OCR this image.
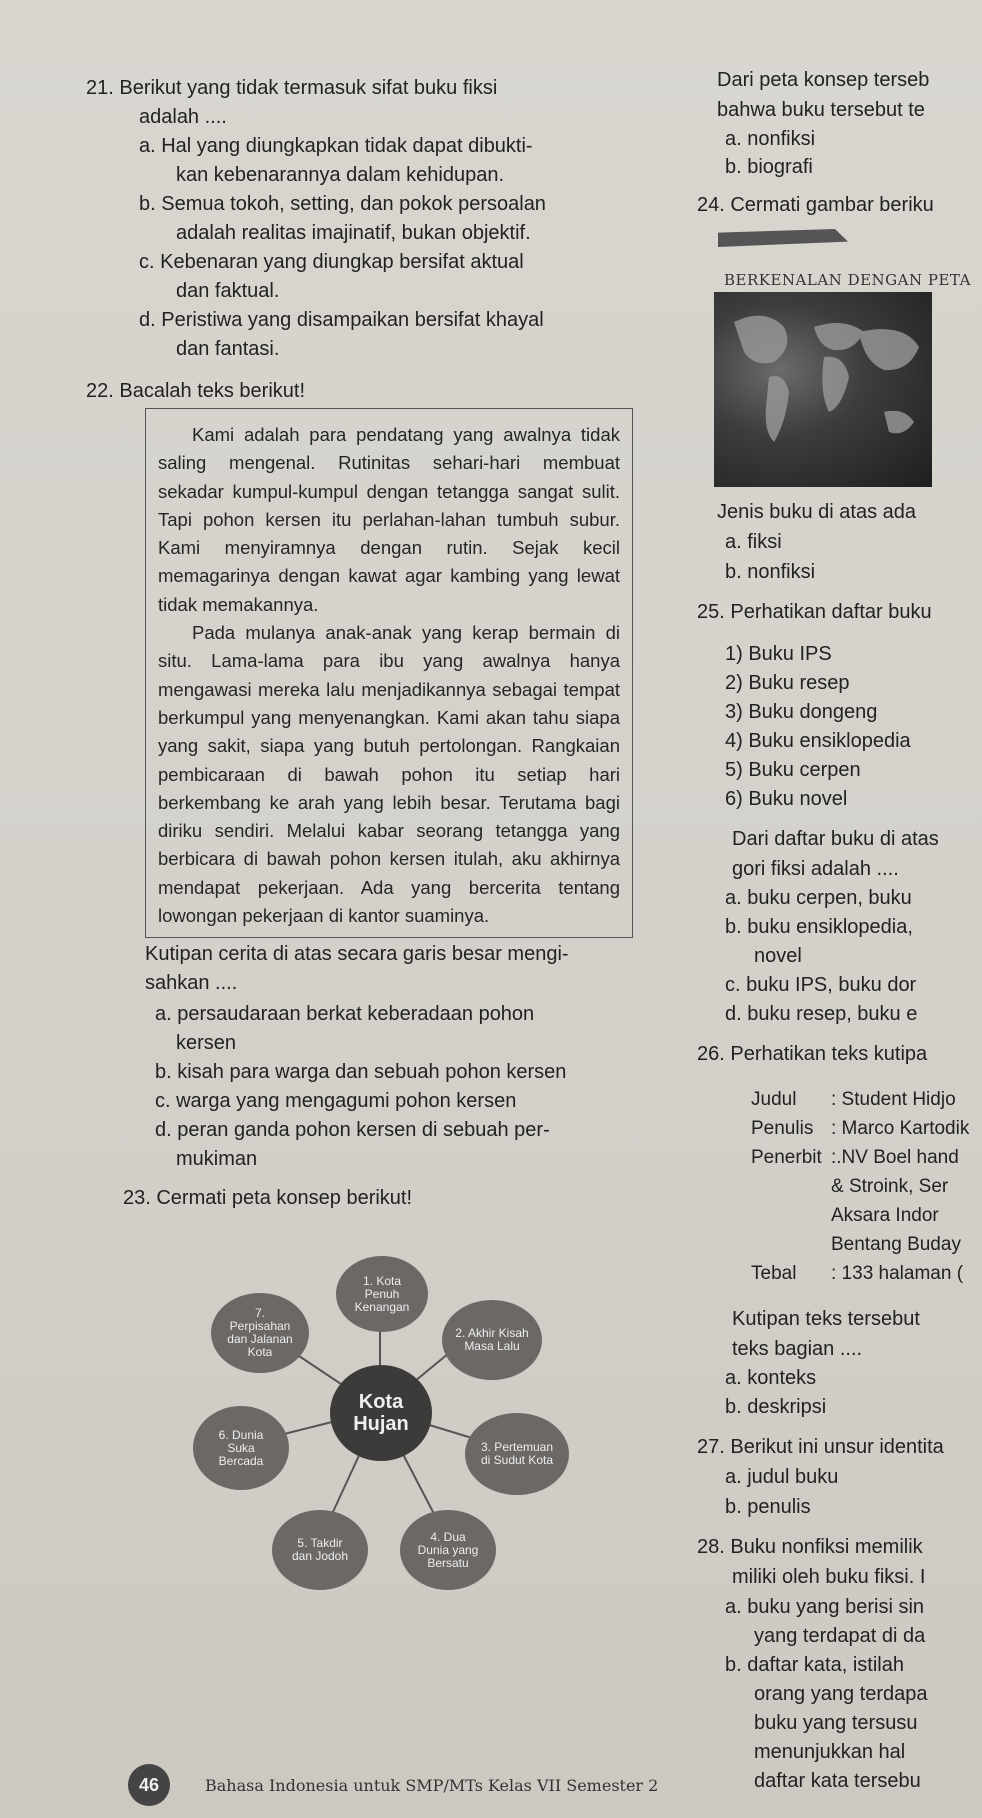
21. Berikut yang tidak termasuk sifat buku fiksi
adalah ....
a. Hal yang diungkapkan tidak dapat dibukti-
kan kebenarannya dalam kehidupan.
b. Semua tokoh, setting, dan pokok persoalan
adalah realitas imajinatif, bukan objektif.
c. Kebenaran yang diungkap bersifat aktual
dan faktual.
d. Peristiwa yang disampaikan bersifat khayal
dan fantasi.
22. Bacalah teks berikut!

Kami adalah para pendatang yang awalnya tidak saling mengenal. Rutinitas sehari-hari membuat sekadar kumpul-kumpul dengan tetangga sangat sulit. Tapi pohon kersen itu perlahan-lahan tumbuh subur. Kami menyiramnya dengan rutin. Sejak kecil memagarinya dengan kawat agar kambing yang lewat tidak memakannya.

Pada mulanya anak-anak yang kerap bermain di situ. Lama-lama para ibu yang awalnya hanya mengawasi mereka lalu menjadikannya sebagai tempat berkumpul yang menyenangkan. Kami akan tahu siapa yang sakit, siapa yang butuh pertolongan. Rangkaian pembicaraan di bawah pohon itu setiap hari berkembang ke arah yang lebih besar. Terutama bagi diriku sendiri. Melalui kabar seorang tetangga yang berbicara di bawah pohon kersen itulah, aku akhirnya mendapat pekerjaan. Ada yang bercerita tentang lowongan pekerjaan di kantor suaminya.

Kutipan cerita di atas secara garis besar mengi-
sahkan ....
a. persaudaraan berkat keberadaan pohon
kersen
b. kisah para warga dan sebuah pohon kersen
c. warga yang mengagumi pohon kersen
d. peran ganda pohon kersen di sebuah per-
mukiman
23. Cermati peta konsep berikut!
1. Kota Penuh Kenangan
2. Akhir Kisah Masa Lalu
3. Pertemuan di Sudut Kota
4. Dua Dunia yang Bersatu
5. Takdir dan Jodoh
6. Dunia Suka Bercada
7. Perpisahan dan Jalanan Kota
Kota Hujan
Dari peta konsep terseb
bahwa buku tersebut te
a. nonfiksi
b. biografi
24. Cermati gambar beriku
BERKENALAN DENGAN PETA
Jenis buku di atas ada
a. fiksi
b. nonfiksi
25. Perhatikan daftar buku
1) Buku IPS
2) Buku resep
3) Buku dongeng
4) Buku ensiklopedia
5) Buku cerpen
6) Buku novel
Dari daftar buku di atas
gori fiksi adalah ....
a. buku cerpen, buku
b. buku ensiklopedia,
novel
c. buku IPS, buku dor
d. buku resep, buku e
26. Perhatikan teks kutipa
Judul : Student Hidjo
Penulis : Marco Kartodik
Penerbit :.NV Boel hand
& Stroink, Ser
Aksara Indor
Bentang Buday
Tebal : 133 halaman (
Kutipan teks tersebut
teks bagian ....
a. konteks
b. deskripsi
27. Berikut ini unsur identita
a. judul buku
b. penulis
28. Buku nonfiksi memilik
miliki oleh buku fiksi. I
a. buku yang berisi sin
yang terdapat di da
b. daftar kata, istilah
orang yang terdapa
buku yang tersusu
menunjukkan hal
daftar kata tersebu
46	Bahasa Indonesia untuk SMP/MTs Kelas VII Semester 2
